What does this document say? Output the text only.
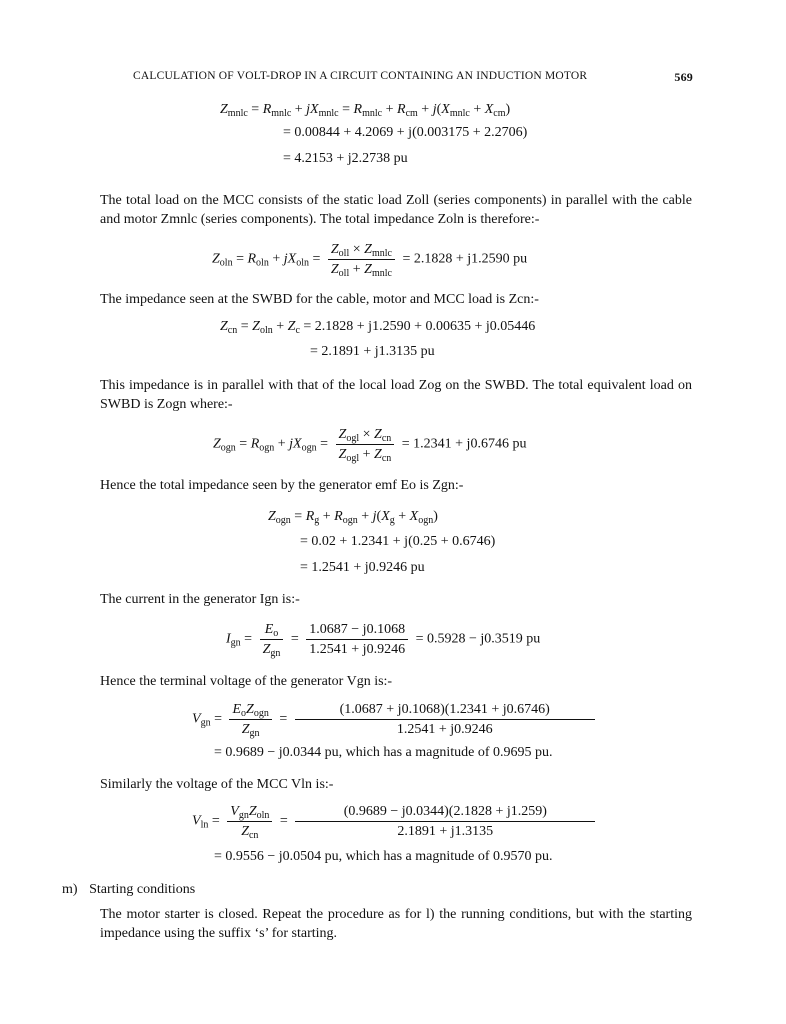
CALCULATION OF VOLT-DROP IN A CIRCUIT CONTAINING AN INDUCTION MOTOR	569
$Z_{mnlc} = R_{mnlc} + jX_{mnlc} = R_{mnlc} + R_{cm} + j(X_{mnlc} + X_{cm})$
= 0.00844 + 4.2069 + j(0.003175 + 2.2706)
= 4.2153 + j2.2738 pu
The total load on the MCC consists of the static load Zoll (series components) in parallel with the cable and motor Zmnlc (series components). The total impedance Zoln is therefore:-
$Z_{oln} = R_{oln} + jX_{oln} = \frac{Z_{oll} \times Z_{mnlc}}{Z_{oll} + Z_{mnlc}} = 2.1828 + j1.2590$ pu
The impedance seen at the SWBD for the cable, motor and MCC load is Zcn:-
$Z_{cn} = Z_{oln} + Z_c = 2.1828 + j1.2590 + 0.00635 + j0.05446$
= 2.1891 + j1.3135 pu
This impedance is in parallel with that of the local load Zog on the SWBD. The total equivalent load on SWBD is Zogn where:-
$Z_{ogn} = R_{ogn} + jX_{ogn} = \frac{Z_{ogl} \times Z_{cn}}{Z_{ogl} + Z_{cn}} = 1.2341 + j0.6746$ pu
Hence the total impedance seen by the generator emf Eo is Zgn:-
$Z_{ogn} = R_g + R_{ogn} + j(X_g + X_{ogn})$
= 0.02 + 1.2341 + j(0.25 + 0.6746)
= 1.2541 + j0.9246 pu
The current in the generator Ign is:-
$I_{gn} = \frac{E_o}{Z_{gn}} = \frac{1.0687 - j0.1068}{1.2541 + j0.9246} = 0.5928 - j0.3519$ pu
Hence the terminal voltage of the generator Vgn is:-
$V_{gn} = \frac{E_oZ_{ogn}}{Z_{gn}} = \frac{(1.0687 + j0.1068)(1.2341 + j0.6746)}{1.2541 + j0.9246}$
= 0.9689 − j0.0344 pu, which has a magnitude of 0.9695 pu.
Similarly the voltage of the MCC Vln is:-
$V_{ln} = \frac{V_{gn}Z_{oln}}{Z_{cn}} = \frac{(0.9689 - j0.0344)(2.1828 + j1.259)}{2.1891 + j1.3135}$
= 0.9556 − j0.0504 pu, which has a magnitude of 0.9570 pu.
m) Starting conditions
The motor starter is closed. Repeat the procedure as for l) the running conditions, but with the starting impedance using the suffix ‘s’ for starting.
